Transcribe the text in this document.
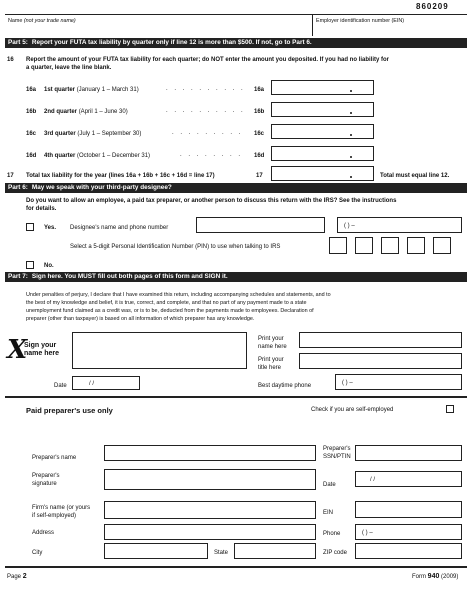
860209
Name (not your trade name)	Employer identification number (EIN)
Part 5: Report your FUTA tax liability by quarter only if line 12 is more than $500. If not, go to Part 6.
16 Report the amount of your FUTA tax liability for each quarter; do NOT enter the amount you deposited. If you had no liability for
a quarter, leave the line blank.
16a 1st quarter (January 1 – March 31)	. . . . . . . . . . 16a
16b 2nd quarter (April 1 – June 30)	. . . . . . . . . . 16b
16c 3rd quarter (July 1 – September 30)	. . . . . . . . . 16c
16d 4th quarter (October 1 – December 31)	. . . . . . . . 16d
17 Total tax liability for the year (lines 16a + 16b + 16c + 16d = line 17)	17	Total must equal line 12.
Part 6: May we speak with your third-party designee?
Do you want to allow an employee, a paid tax preparer, or another person to discuss this return with the IRS? See the instructions
for details.
Yes. Designee's name and phone number	( ) –
Select a 5-digit Personal Identification Number (PIN) to use when talking to IRS
No.
Part 7: Sign here. You MUST fill out both pages of this form and SIGN it.
Under penalties of perjury, I declare that I have examined this return, including accompanying schedules and statements, and to
the best of my knowledge and belief, it is true, correct, and complete, and that no part of any payment made to a state
unemployment fund claimed as a credit was, or is to be, deducted from the payments made to employees. Declaration of
preparer (other than taxpayer) is based on all information of which preparer has any knowledge.
X
Sign your
name here
Print your
name here
Print your
title here
Date	/ /	Best daytime phone	( ) –
Paid preparer's use only	Check if you are self-employed
Preparer's name
Preparer's
SSN/PTIN
Preparer's
signature	Date
/ /
Firm's name (or yours
if self-employed)	EIN
Address	Phone	( ) –
City	State	ZIP code
Page 2	Form 940 (2009)
